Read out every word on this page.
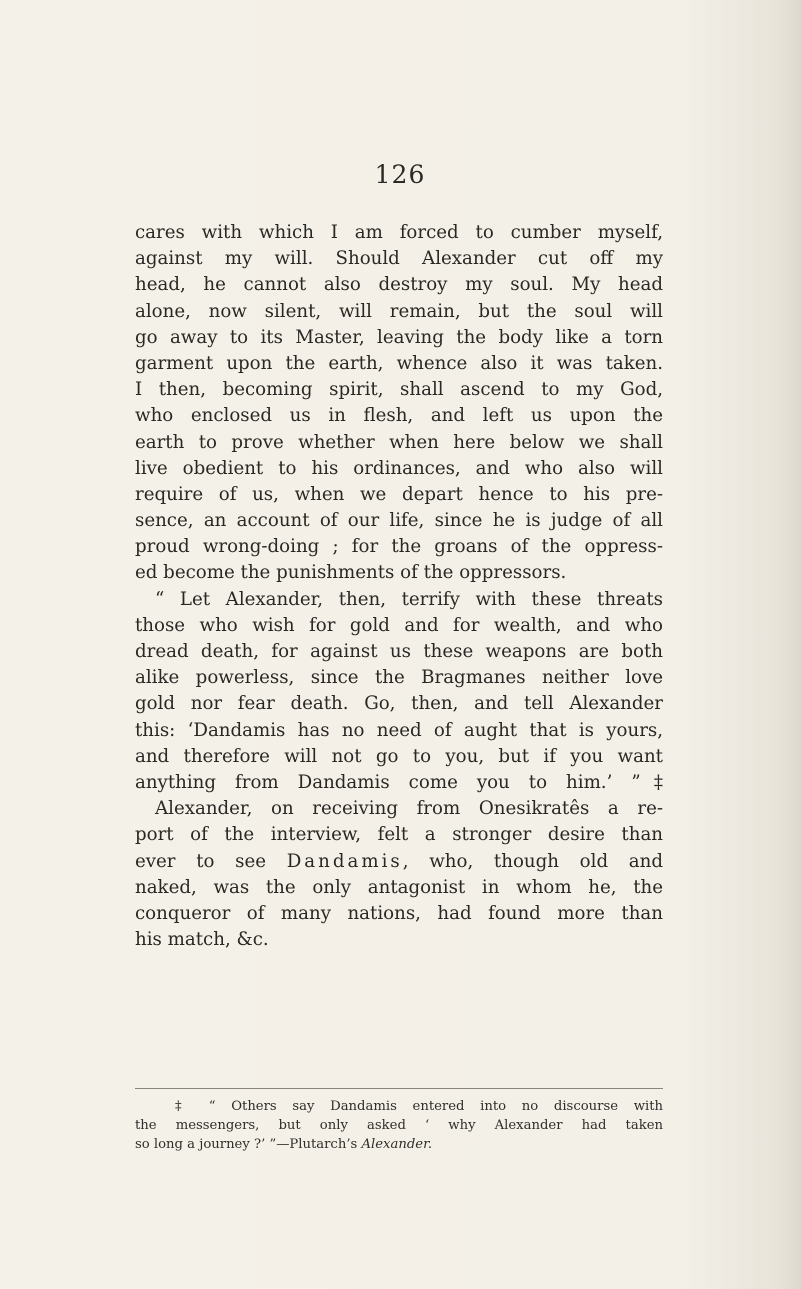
126
cares with which I am forced to cumber myself,
against my will. Should Alexander cut off my
head, he cannot also destroy my soul. My head
alone, now silent, will remain, but the soul will
go away to its Master, leaving the body like a torn
garment upon the earth, whence also it was taken.
I then, becoming spirit, shall ascend to my God,
who enclosed us in flesh, and left us upon the
earth to prove whether when here below we shall
live obedient to his ordinances, and who also will
require of us, when we depart hence to his pre-
sence, an account of our life, since he is judge of all
proud wrong-doing ; for the groans of the oppress-
ed become the punishments of the oppressors.
“ Let Alexander, then, terrify with these threats
those who wish for gold and for wealth, and who
dread death, for against us these weapons are both
alike powerless, since the Bragmanes neither love
gold nor fear death. Go, then, and tell Alexander
this: ‘Dandamis has no need of aught that is yours,
and therefore will not go to you, but if you want
anything from Dandamis come you to him.’ ”‡
Alexander, on receiving from Onesikratês a re-
port of the interview, felt a stronger desire than
ever to see Dandamis, who, though old and
naked, was the only antagonist in whom he, the
conqueror of many nations, had found more than
his match, &c.
‡ “ Others say Dandamis entered into no discourse with
the messengers, but only asked ‘ why Alexander had taken
so long a journey ?’ ”—Plutarch’s Alexander.
